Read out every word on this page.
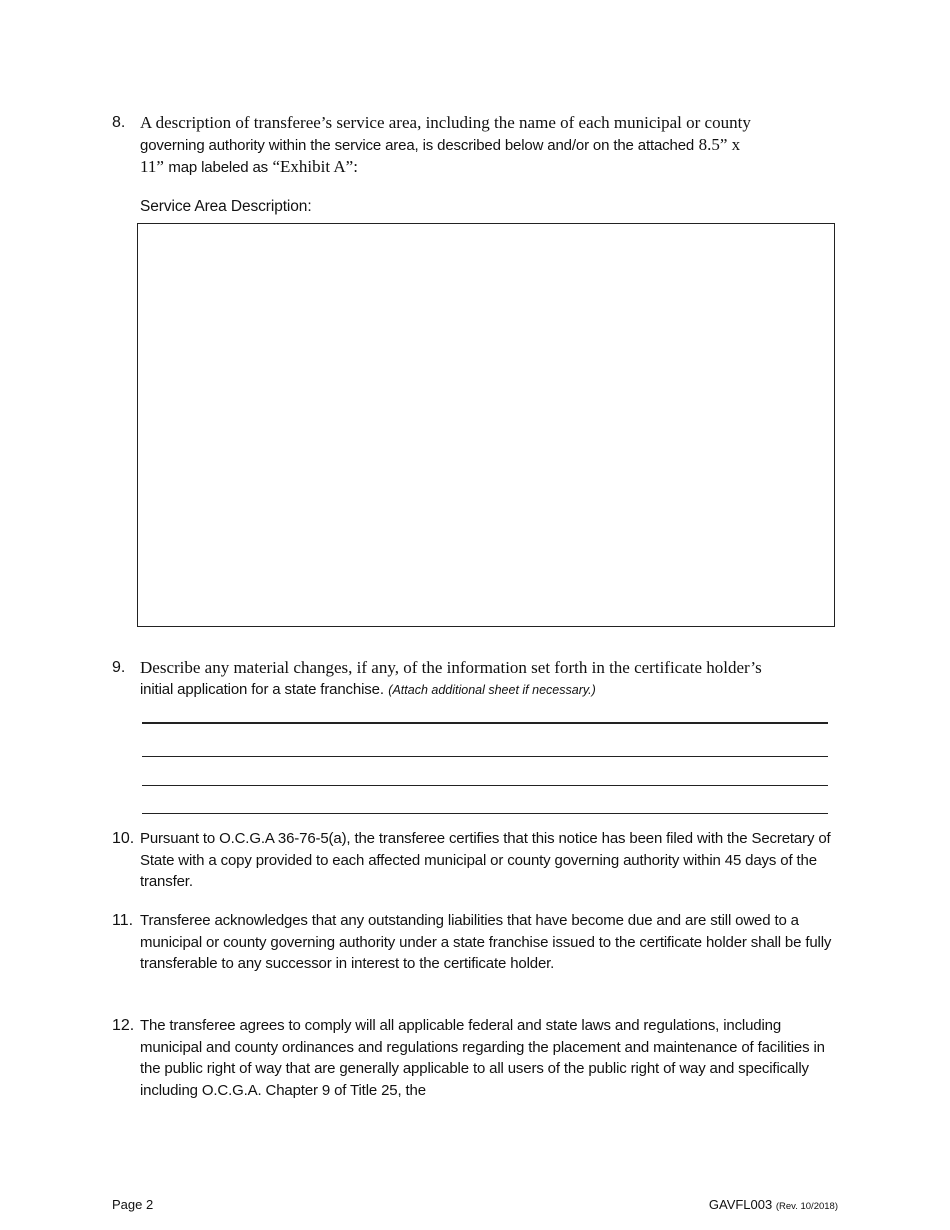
8. A description of transferee’s service area, including the name of each municipal or county
governing authority within the service area, is described below and/or on the attached 8.5” x
11” map labeled as “Exhibit A”:
Service Area Description:
9. Describe any material changes, if any, of the information set forth in the certificate holder’s
initial application for a state franchise. (Attach additional sheet if necessary.)
10. Pursuant to O.C.G.A 36-76-5(a), the transferee certifies that this notice has been filed with the Secretary of State with a copy provided to each affected municipal or county governing authority within 45 days of the transfer.
11. Transferee acknowledges that any outstanding liabilities that have become due and are still owed to a municipal or county governing authority under a state franchise issued to the certificate holder shall be fully transferable to any successor in interest to the certificate holder.
12. The transferee agrees to comply will all applicable federal and state laws and regulations, including municipal and county ordinances and regulations regarding the placement and maintenance of facilities in the public right of way that are generally applicable to all users of the public right of way and specifically including O.C.G.A. Chapter 9 of Title 25, the
Page 2	GAVFL003 (Rev. 10/2018)
